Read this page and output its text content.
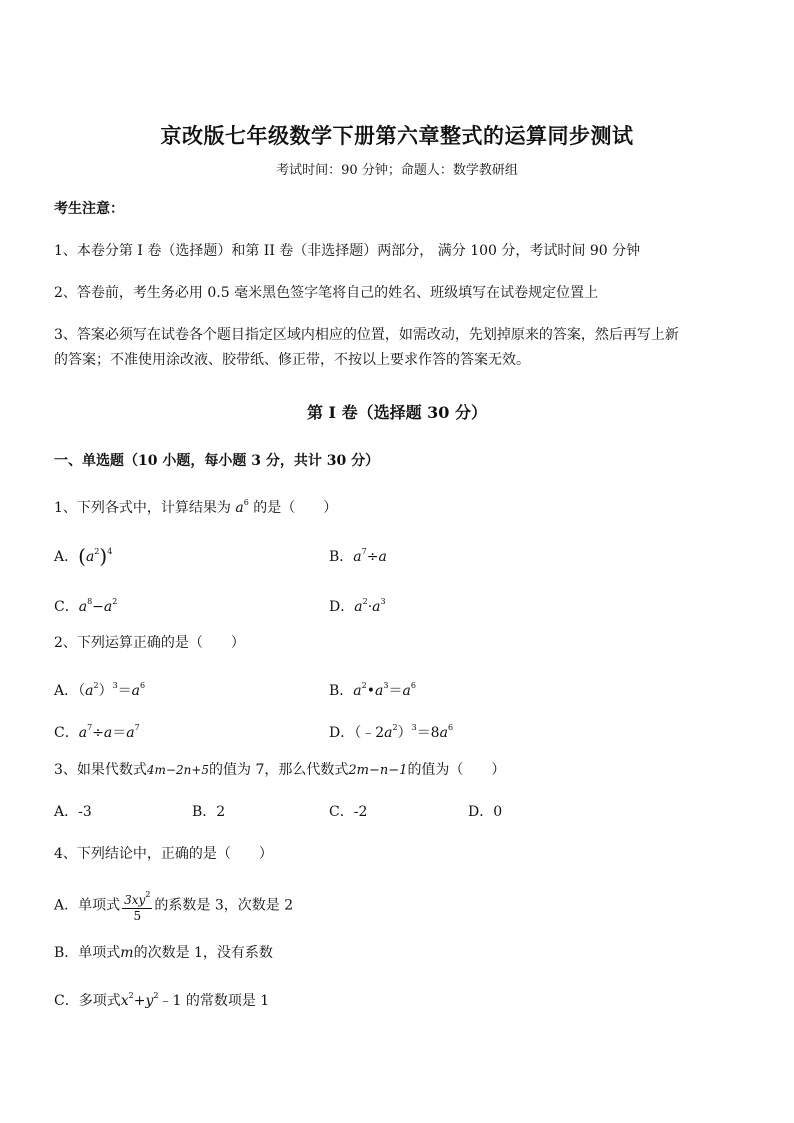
京改版七年级数学下册第六章整式的运算同步测试
考试时间：90 分钟；命题人：数学教研组
考生注意：
1、本卷分第 I 卷（选择题）和第 II 卷（非选择题）两部分， 满分 100 分，考试时间 90 分钟
2、答卷前，考生务必用 0.5 毫米黑色签字笔将自己的姓名、班级填写在试卷规定位置上
3、答案必须写在试卷各个题目指定区域内相应的位置，如需改动，先划掉原来的答案，然后再写上新
的答案；不准使用涂改液、胶带纸、修正带，不按以上要求作答的答案无效。
第 I 卷（选择题 30 分）
一、单选题（10 小题，每小题 3 分，共计 30 分）
1、下列各式中，计算结果为 $a^6$ 的是（　　）
A．$(a^2)^4$	B．$a^7\div a$
C．$a^8-a^2$	D．$a^2\cdot a^3$
2、下列运算正确的是（　　）
A．$(a^2)^3=a^6$	B．$a^2•a^3=a^6$
C．$a^7\div a=a^7$	D．$(﹣2a^2)^3=8a^6$
3、如果代数式4m−2n+5的值为 7，那么代数式2m−n−1的值为（　　）
A．-3	B．2	C．-2	D．0
4、下列结论中，正确的是（　　）
A．单项式 $\frac{3xy^2}{5}$ 的系数是 3，次数是 2
B．单项式m的次数是 1，没有系数
C．多项式$x^2+y^2﹣1$ 的常数项是 1
